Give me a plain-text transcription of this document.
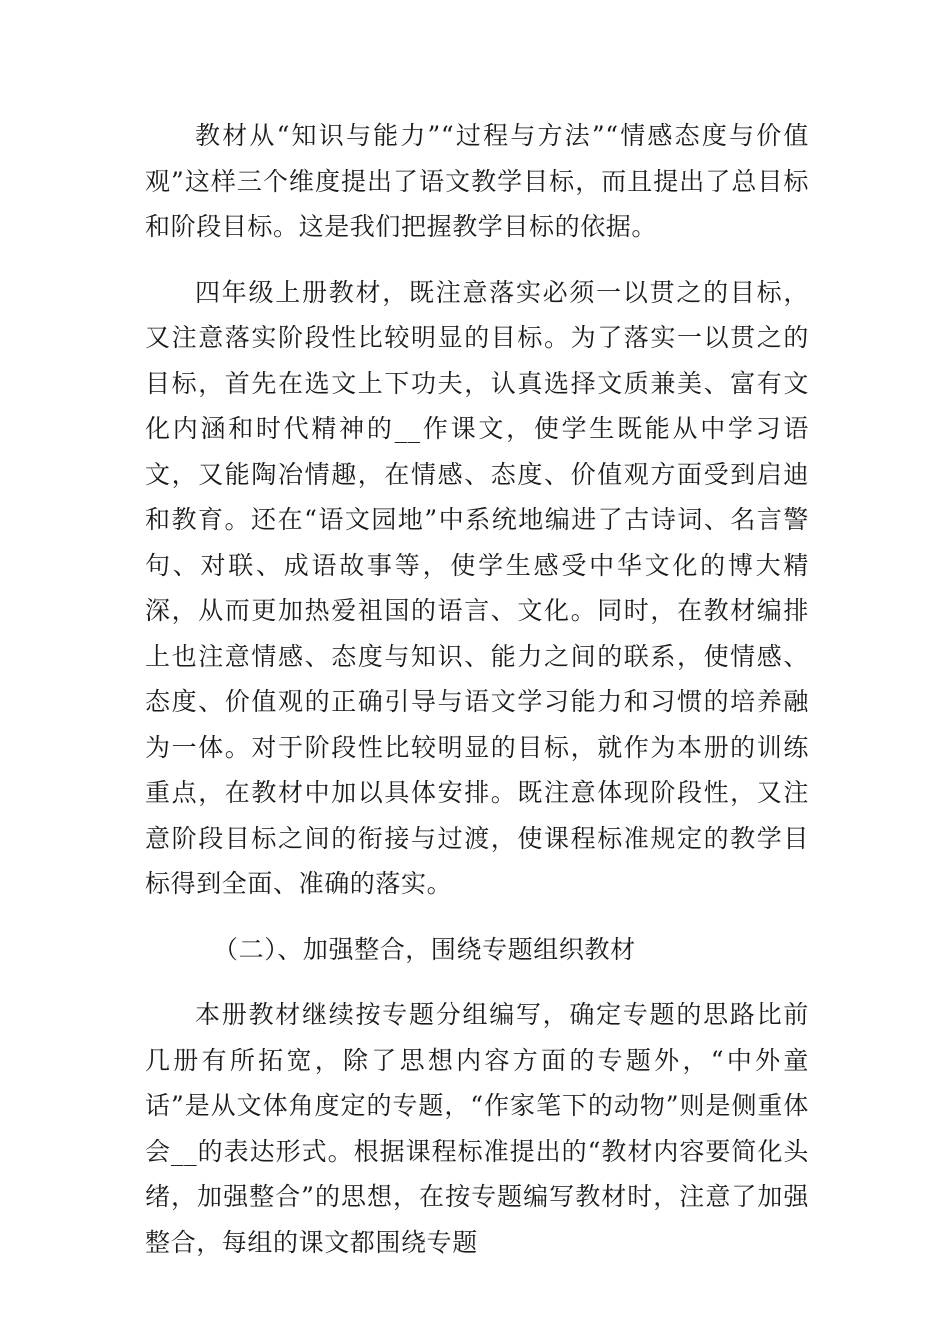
教材从“知识与能力”“过程与方法”“情感态度与价值观”这样三个维度提出了语文教学目标，而且提出了总目标和阶段目标。这是我们把握教学目标的依据。

四年级上册教材，既注意落实必须一以贯之的目标，又注意落实阶段性比较明显的目标。为了落实一以贯之的目标，首先在选文上下功夫，认真选择文质兼美、富有文化内涵和时代精神的__作课文，使学生既能从中学习语文，又能陶冶情趣，在情感、态度、价值观方面受到启迪和教育。还在“语文园地”中系统地编进了古诗词、名言警句、对联、成语故事等，使学生感受中华文化的博大精深，从而更加热爱祖国的语言、文化。同时，在教材编排上也注意情感、态度与知识、能力之间的联系，使情感、态度、价值观的正确引导与语文学习能力和习惯的培养融为一体。对于阶段性比较明显的目标，就作为本册的训练重点，在教材中加以具体安排。既注意体现阶段性，又注意阶段目标之间的衔接与过渡，使课程标准规定的教学目标得到全面、准确的落实。

（二）、加强整合，围绕专题组织教材

本册教材继续按专题分组编写，确定专题的思路比前几册有所拓宽，除了思想内容方面的专题外，“中外童话”是从文体角度定的专题，“作家笔下的动物”则是侧重体会__的表达形式。根据课程标准提出的“教材内容要简化头绪，加强整合”的思想，在按专题编写教材时，注意了加强整合，每组的课文都围绕专题
